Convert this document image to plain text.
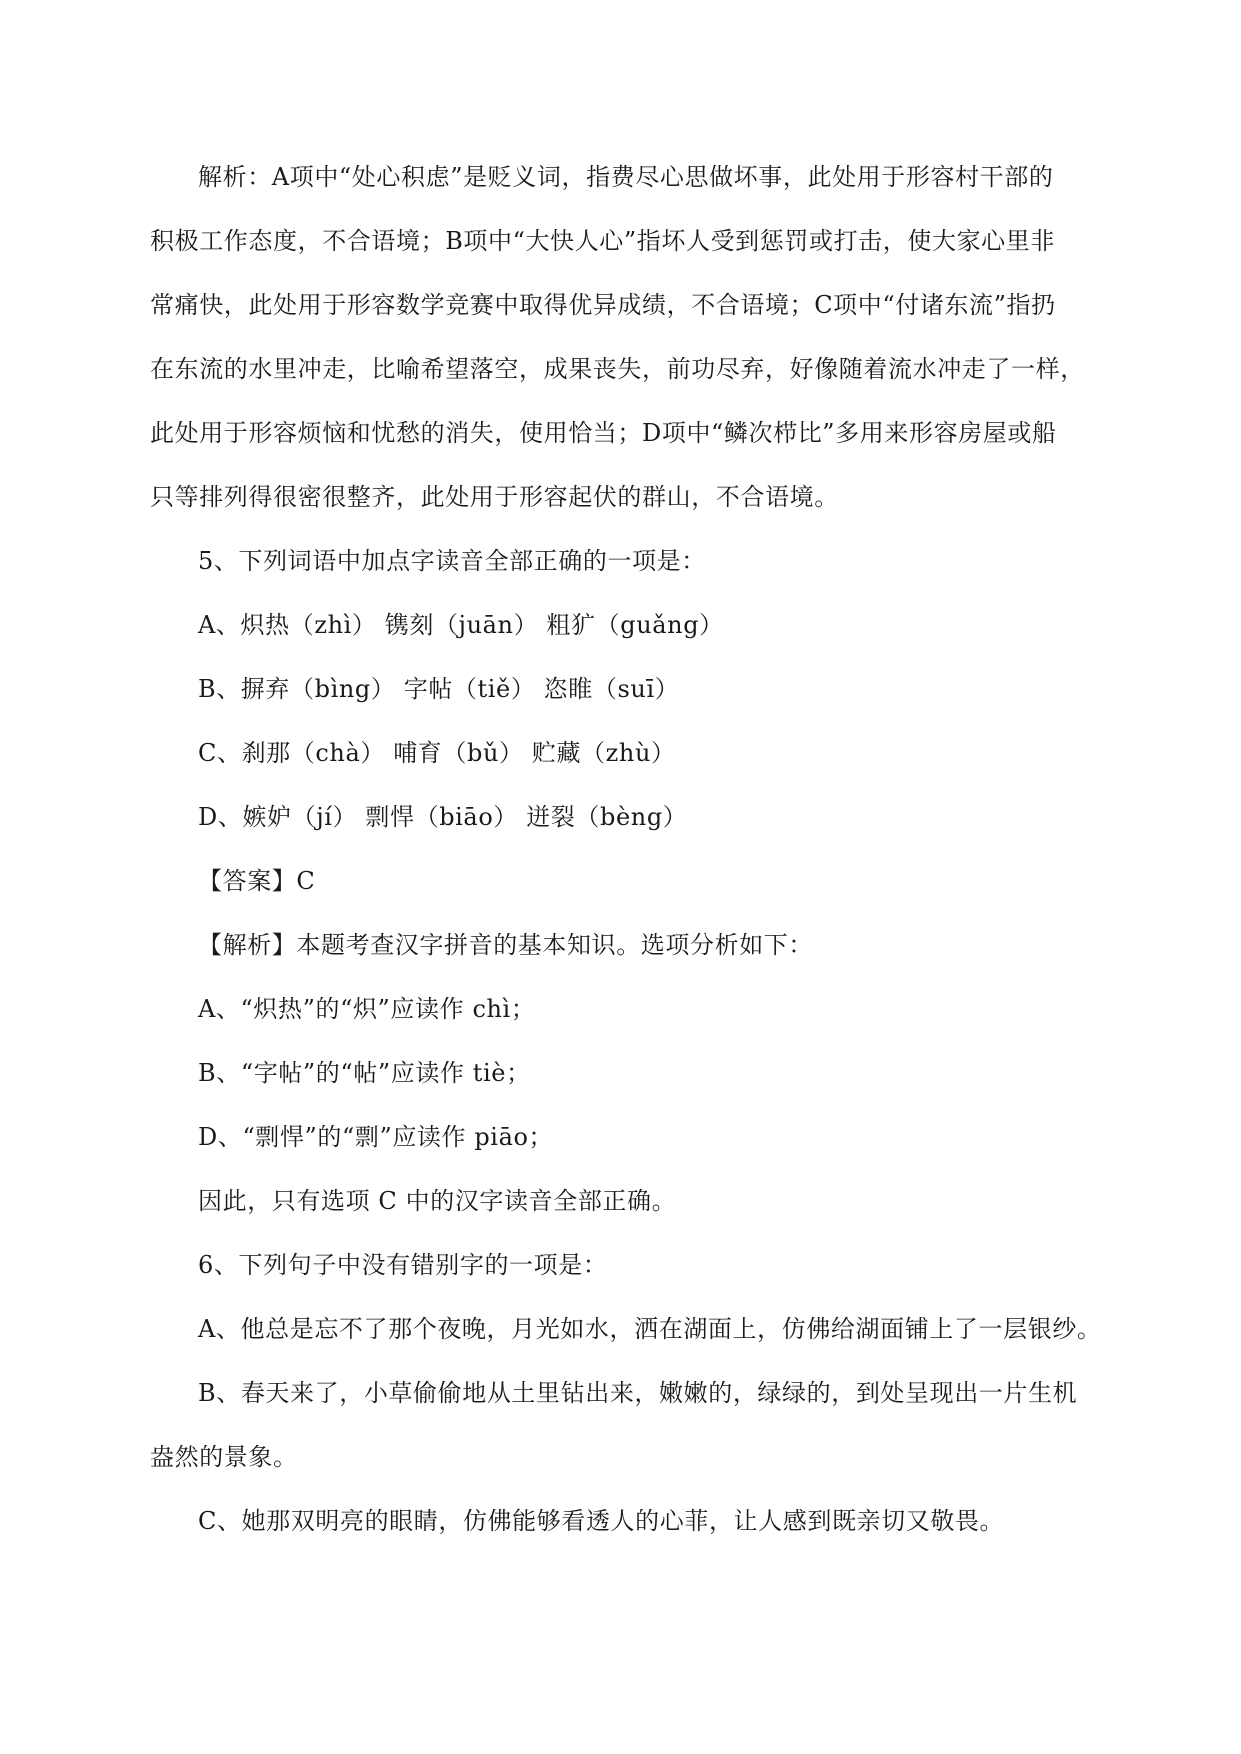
解析：A项中“处心积虑”是贬义词，指费尽心思做坏事，此处用于形容村干部的

积极工作态度，不合语境；B项中“大快人心”指坏人受到惩罚或打击，使大家心里非

常痛快，此处用于形容数学竞赛中取得优异成绩，不合语境；C项中“付诸东流”指扔

在东流的水里冲走，比喻希望落空，成果丧失，前功尽弃，好像随着流水冲走了一样，

此处用于形容烦恼和忧愁的消失，使用恰当；D项中“鳞次栉比”多用来形容房屋或船

只等排列得很密很整齐，此处用于形容起伏的群山，不合语境。

5、下列词语中加点字读音全部正确的一项是：

A、炽热（zhì） 镌刻（juān） 粗犷（guǎng）

B、摒弃（bìng） 字帖（tiě） 恣睢（suī）

C、刹那（chà） 哺育（bǔ） 贮藏（zhù）

D、嫉妒（jí） 剽悍（biāo） 迸裂（bèng）

【答案】C

【解析】本题考查汉字拼音的基本知识。选项分析如下：

A、“炽热”的“炽”应读作 chì；

B、“字帖”的“帖”应读作 tiè；

D、“剽悍”的“剽”应读作 piāo；

因此，只有选项 C 中的汉字读音全部正确。

6、下列句子中没有错别字的一项是：

A、他总是忘不了那个夜晚，月光如水，洒在湖面上，仿佛给湖面铺上了一层银纱。

B、春天来了，小草偷偷地从土里钻出来，嫩嫩的，绿绿的，到处呈现出一片生机

盎然的景象。

C、她那双明亮的眼睛，仿佛能够看透人的心菲，让人感到既亲切又敬畏。
